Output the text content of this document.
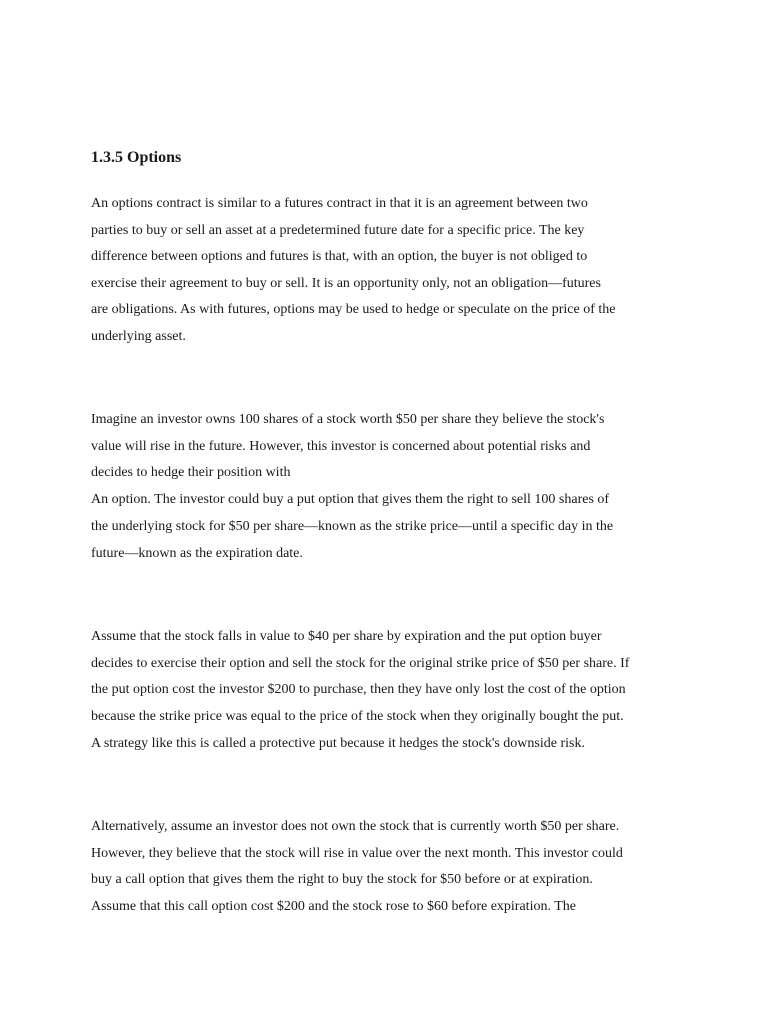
1.3.5 Options

An options contract is similar to a futures contract in that it is an agreement between two

parties to buy or sell an asset at a predetermined future date for a specific price. The key

difference between options and futures is that, with an option, the buyer is not obliged to

exercise their agreement to buy or sell. It is an opportunity only, not an obligation—futures

are obligations. As with futures, options may be used to hedge or speculate on the price of the

underlying asset.

Imagine an investor owns 100 shares of a stock worth $50 per share they believe the stock's

value will rise in the future. However, this investor is concerned about potential risks and

decides to hedge their position with

An option. The investor could buy a put option that gives them the right to sell 100 shares of

the underlying stock for $50 per share—known as the strike price—until a specific day in the

future—known as the expiration date.

Assume that the stock falls in value to $40 per share by expiration and the put option buyer

decides to exercise their option and sell the stock for the original strike price of $50 per share. If

the put option cost the investor $200 to purchase, then they have only lost the cost of the option

because the strike price was equal to the price of the stock when they originally bought the put.

A strategy like this is called a protective put because it hedges the stock's downside risk.

Alternatively, assume an investor does not own the stock that is currently worth $50 per share.

However, they believe that the stock will rise in value over the next month. This investor could

buy a call option that gives them the right to buy the stock for $50 before or at expiration.

Assume that this call option cost $200 and the stock rose to $60 before expiration. The
